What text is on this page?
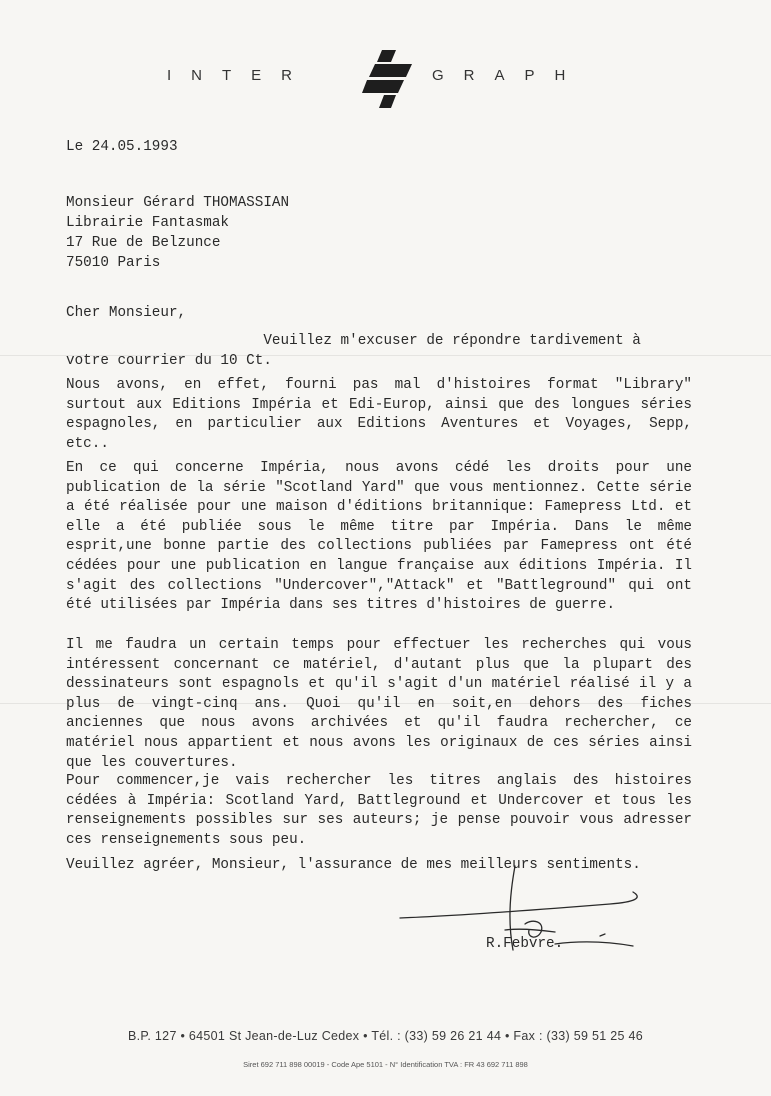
INTER	GRAPH
Le 24.05.1993
Monsieur Gérard THOMASSIAN
Librairie Fantasmak
17 Rue de Belzunce
75010 Paris
Cher Monsieur,
Veuillez m'excuser de répondre tardivement à
votre courrier du 10 Ct.
Nous avons, en effet, fourni pas mal d'histoires format "Library" surtout aux Editions Impéria et Edi-Europ, ainsi que des longues séries espagnoles, en particulier aux Editions Aventures et Voyages, Sepp, etc..
En ce qui concerne Impéria, nous avons cédé les droits pour une publication de la série "Scotland Yard" que vous mentionnez. Cette série a été réalisée pour une maison d'éditions britannique: Famepress Ltd. et elle a été publiée sous le même titre par Impéria. Dans le même esprit,une bonne partie des collections publiées par Famepress ont été cédées pour une publication en langue française aux éditions Impéria. Il s'agit des collections "Undercover","Attack" et "Battleground" qui ont été utilisées par Impéria dans ses titres d'histoires de guerre.
Il me faudra un certain temps pour effectuer les recherches qui vous intéressent concernant ce matériel, d'autant plus que la plupart des dessinateurs sont espagnols et qu'il s'agit d'un matériel réalisé il y a plus de vingt-cinq ans. Quoi qu'il en soit,en dehors des fiches anciennes que nous avons archivées et qu'il faudra rechercher, ce matériel nous appartient et nous avons les originaux de ces séries ainsi que les couvertures.
Pour commencer,je vais rechercher les titres anglais des histoires cédées à Impéria: Scotland Yard, Battleground et Undercover et tous les renseignements possibles sur ses auteurs; je pense pouvoir vous adresser ces renseignements sous peu.
Veuillez agréer, Monsieur, l'assurance de mes meilleurs sentiments.
R.Febvre.
B.P. 127 • 64501 St Jean-de-Luz Cedex • Tél. : (33) 59 26 21 44 • Fax : (33) 59 51 25 46
Siret 692 711 898 00019 - Code Ape 5101 - N° Identification TVA : FR 43 692 711 898
